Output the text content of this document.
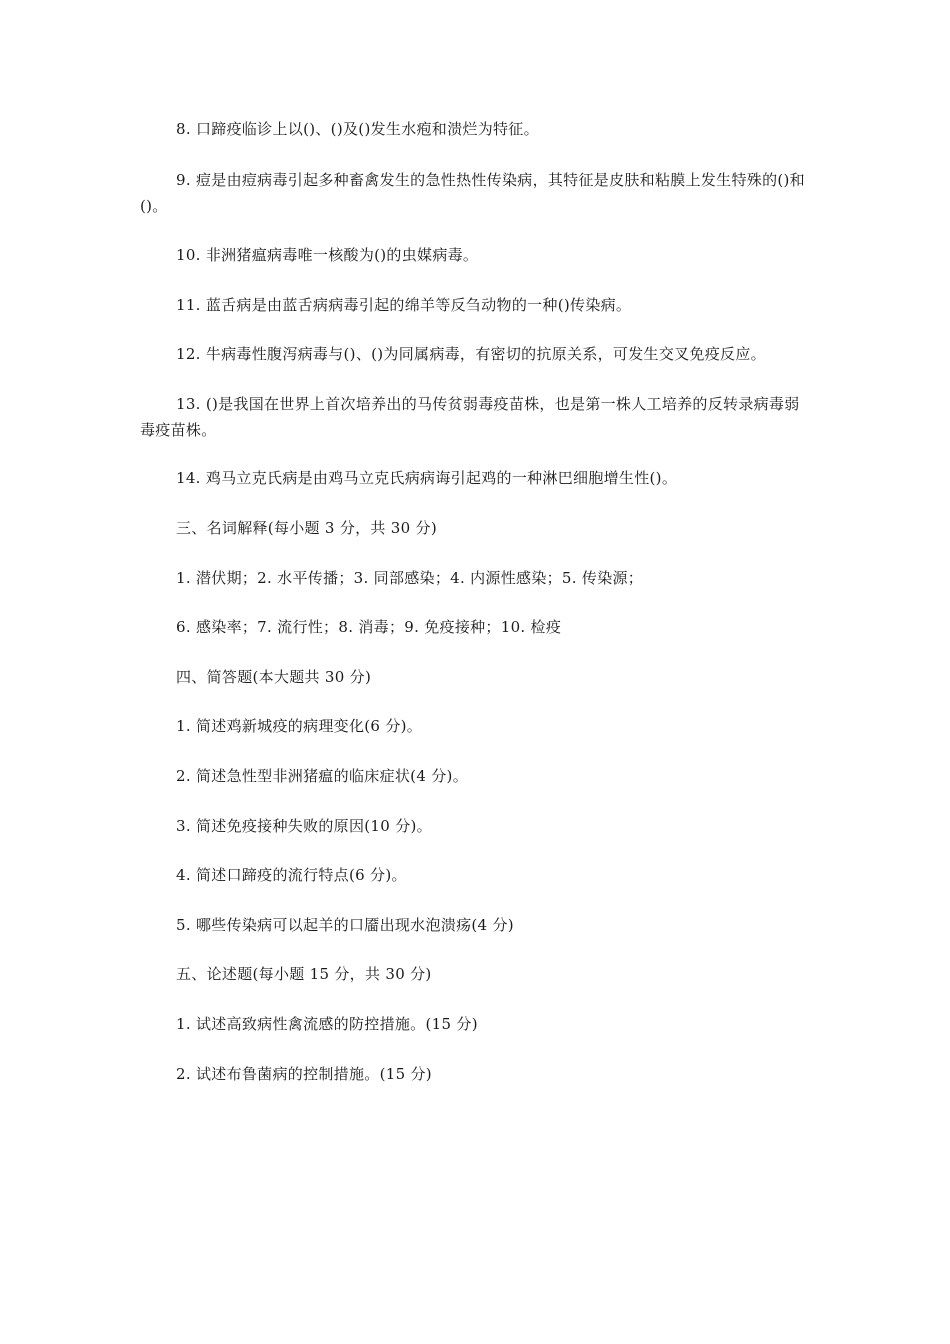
8. 口蹄疫临诊上以()、()及()发生水疱和溃烂为特征。

9. 痘是由痘病毒引起多种畜禽发生的急性热性传染病，其特征是皮肤和粘膜上发生特殊的()和()。

10. 非洲猪瘟病毒唯一核酸为()的虫媒病毒。

11. 蓝舌病是由蓝舌病病毒引起的绵羊等反刍动物的一种()传染病。

12. 牛病毒性腹泻病毒与()、()为同属病毒，有密切的抗原关系，可发生交叉免疫反应。

13. ()是我国在世界上首次培养出的马传贫弱毒疫苗株，也是第一株人工培养的反转录病毒弱毒疫苗株。

14. 鸡马立克氏病是由鸡马立克氏病病诲引起鸡的一种淋巴细胞增生性()。

三、名词解释(每小题 3 分，共 30 分)

1. 潜伏期；2. 水平传播；3. 同部感染；4. 内源性感染；5. 传染源；

6. 感染率；7. 流行性；8. 消毒；9. 免疫接种；10. 检疫

四、简答题(本大题共 30 分)

1. 简述鸡新城疫的病理变化(6 分)。

2. 简述急性型非洲猪瘟的临床症状(4 分)。

3. 简述免疫接种失败的原因(10 分)。

4. 简述口蹄疫的流行特点(6 分)。

5. 哪些传染病可以起羊的口靥出现水泡溃疡(4 分)

五、论述题(每小题 15 分，共 30 分)

1. 试述高致病性禽流感的防控措施。(15 分)

2. 试述布鲁菌病的控制措施。(15 分)
